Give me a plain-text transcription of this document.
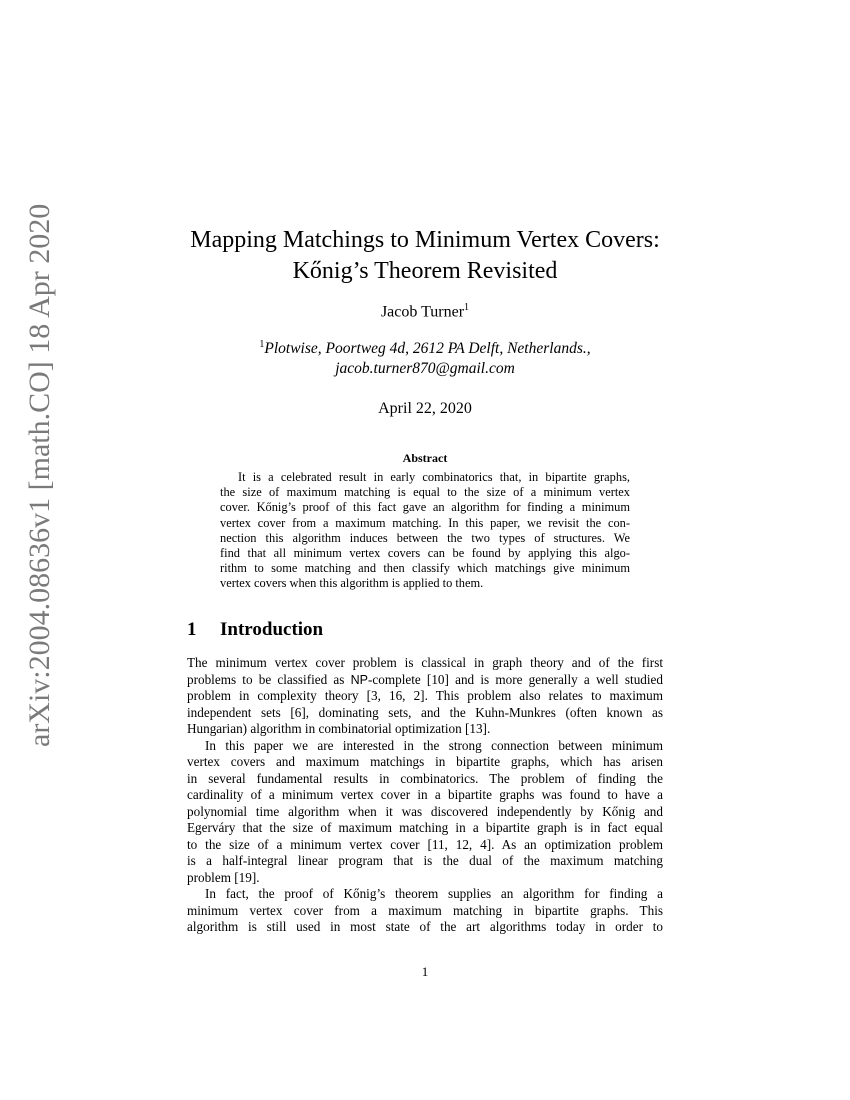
arXiv:2004.08636v1 [math.CO] 18 Apr 2020	Mapping Matchings to Minimum Vertex Covers:
Kőnig’s Theorem Revisited
Jacob Turner$^1$
$^1$Plotwise, Poortweg 4d, 2612 PA Delft, Netherlands.,
jacob.turner870@gmail.com
April 22, 2020
Abstract
It is a celebrated result in early combinatorics that, in bipartite graphs,
the size of maximum matching is equal to the size of a minimum vertex
cover. Kőnig’s proof of this fact gave an algorithm for finding a minimum
vertex cover from a maximum matching. In this paper, we revisit the con-
nection this algorithm induces between the two types of structures. We
find that all minimum vertex covers can be found by applying this algo-
rithm to some matching and then classify which matchings give minimum
vertex covers when this algorithm is applied to them.
1 Introduction
The minimum vertex cover problem is classical in graph theory and of the first
problems to be classified as NP-complete [10] and is more generally a well studied
problem in complexity theory [3, 16, 2]. This problem also relates to maximum
independent sets [6], dominating sets, and the Kuhn-Munkres (often known as
Hungarian) algorithm in combinatorial optimization [13].
In this paper we are interested in the strong connection between minimum
vertex covers and maximum matchings in bipartite graphs, which has arisen
in several fundamental results in combinatorics. The problem of finding the
cardinality of a minimum vertex cover in a bipartite graphs was found to have a
polynomial time algorithm when it was discovered independently by Kőnig and
Egerváry that the size of maximum matching in a bipartite graph is in fact equal
to the size of a minimum vertex cover [11, 12, 4]. As an optimization problem
is a half-integral linear program that is the dual of the maximum matching
problem [19].
In fact, the proof of Kőnig’s theorem supplies an algorithm for finding a
minimum vertex cover from a maximum matching in bipartite graphs. This
algorithm is still used in most state of the art algorithms today in order to
1
